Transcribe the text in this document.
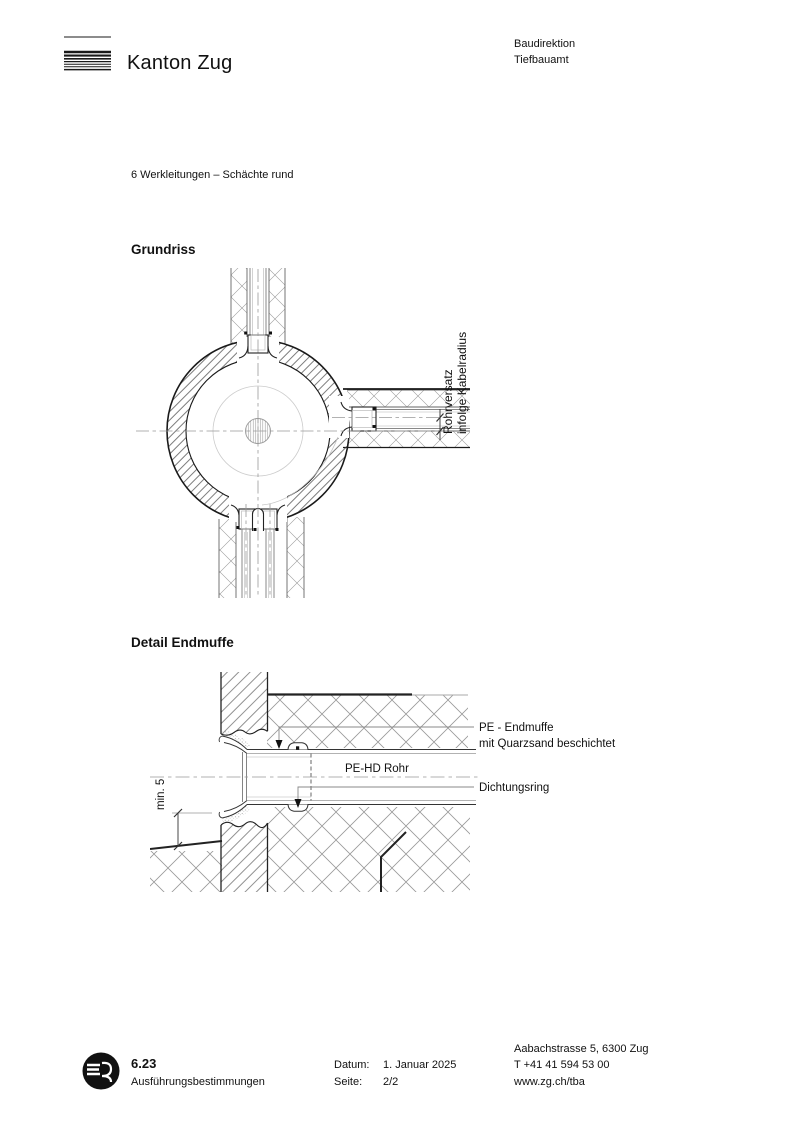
Kanton Zug
Baudirektion
Tiefbauamt
6 Werkleitungen – Schächte rund
Grundriss
Rohrversatz infolge Kabelradius
Detail Endmuffe
min. 5
PE-HD Rohr
PE - Endmuffe
mit Quarzsand beschichtet
Dichtungsring
6.23
Ausführungsbestimmungen
Datum: 1. Januar 2025
Seite: 2/2
Aabachstrasse 5, 6300 Zug
T +41 41 594 53 00
www.zg.ch/tba
